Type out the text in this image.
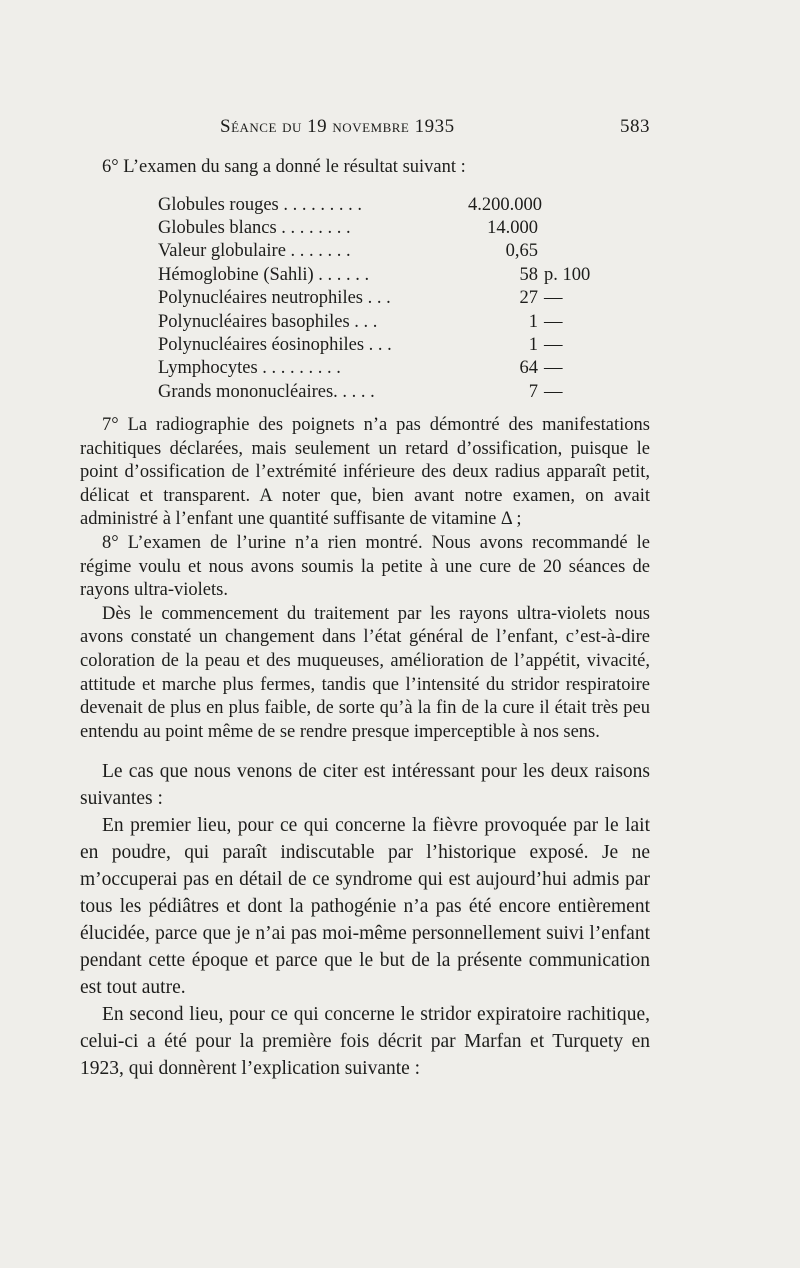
Séance du 19 novembre 1935	583

6° L’examen du sang a donné le résultat suivant :

Globules rouges . . . . . . . . .	4.200.000
Globules blancs . . . . . . . .	14.000
Valeur globulaire . . . . . . .	0,65
Hémoglobine (Sahli) . . . . . .	58 p. 100
Polynucléaires neutrophiles . . .	27 —
Polynucléaires basophiles . . .	1 —
Polynucléaires éosinophiles . . .	1 —
Lymphocytes . . . . . . . . .	64 —
Grands mononucléaires. . . . .	7 —

7° La radiographie des poignets n’a pas démontré des manifestations rachitiques déclarées, mais seulement un retard d’ossification, puisque le point d’ossification de l’extrémité inférieure des deux radius apparaît petit, délicat et transparent. A noter que, bien avant notre examen, on avait administré à l’enfant une quantité suffisante de vitamine Δ ;

8° L’examen de l’urine n’a rien montré. Nous avons recommandé le régime voulu et nous avons soumis la petite à une cure de 20 séances de rayons ultra-violets.

Dès le commencement du traitement par les rayons ultra-violets nous avons constaté un changement dans l’état général de l’enfant, c’est-à-dire coloration de la peau et des muqueuses, amélioration de l’appétit, vivacité, attitude et marche plus fermes, tandis que l’intensité du stridor respiratoire devenait de plus en plus faible, de sorte qu’à la fin de la cure il était très peu entendu au point même de se rendre presque imperceptible à nos sens.

Le cas que nous venons de citer est intéressant pour les deux raisons suivantes :

En premier lieu, pour ce qui concerne la fièvre provoquée par le lait en poudre, qui paraît indiscutable par l’historique exposé. Je ne m’occuperai pas en détail de ce syndrome qui est aujourd’hui admis par tous les pédiâtres et dont la pathogénie n’a pas été encore entièrement élucidée, parce que je n’ai pas moi-même personnellement suivi l’enfant pendant cette époque et parce que le but de la présente communication est tout autre.

En second lieu, pour ce qui concerne le stridor expiratoire rachitique, celui-ci a été pour la première fois décrit par Marfan et Turquety en 1923, qui donnèrent l’explication suivante :
